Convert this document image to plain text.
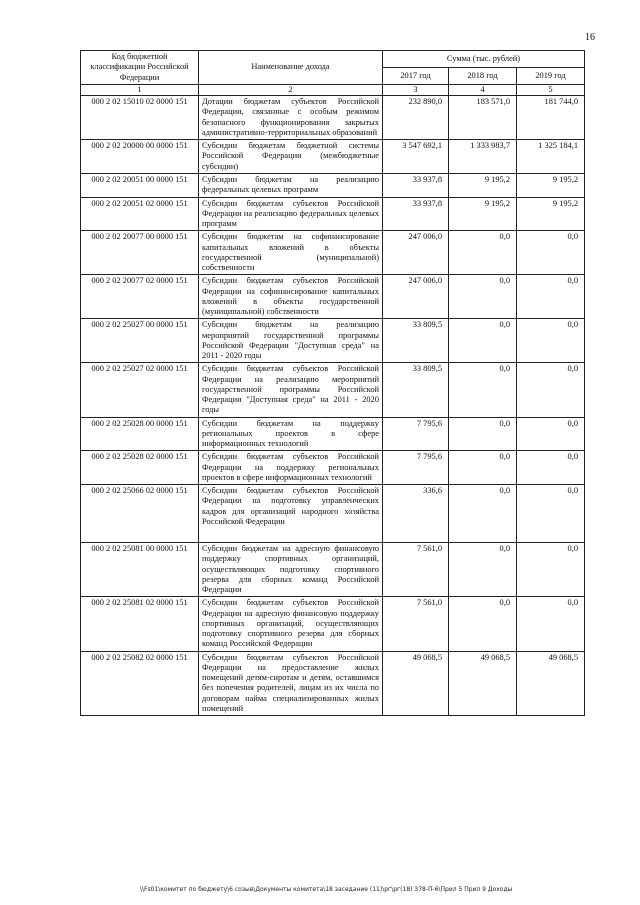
16
Код бюджетной классификации Российской Федерации	Наименование дохода	Сумма (тыс. рублей)		
		2017 год	2018 год	2019 год
1	2	3	4	5
000 2 02 15010 02 0000 151	Дотации бюджетам субъектов Российской Федерации, связанные с особым режимом безопасного функционирования закрытых административно-территориальных образований	232 890,0	183 571,0	181 744,0
000 2 02 20000 00 0000 151	Субсидии бюджетам бюджетной системы Российской Федерации (межбюджетные субсидии)	3 547 692,1	1 333 983,7	1 325 184,1
000 2 02 20051 00 0000 151	Субсидии бюджетам на реализацию федеральных целевых программ	33 937,8	9 195,2	9 195,2
000 2 02 20051 02 0000 151	Субсидии бюджетам субъектов Российской Федерации на реализацию федеральных целевых программ	33 937,8	9 195,2	9 195,2
000 2 02 20077 00 0000 151	Субсидии бюджетам на софинансирование капитальных вложений в объекты государственной (муниципальной) собственности	247 006,0	0,0	0,0
000 2 02 20077 02 0000 151	Субсидии бюджетам субъектов Российской Федерации на софинансирование капитальных вложений в объекты государственной (муниципальной) собственности	247 006,0	0,0	0,0
000 2 02 25027 00 0000 151	Субсидии бюджетам на реализацию мероприятий государственной программы Российской Федерации "Доступная среда" на 2011 - 2020 годы	33 809,5	0,0	0,0
000 2 02 25027 02 0000 151	Субсидии бюджетам субъектов Российской Федерации на реализацию мероприятий государственной программы Российской Федерации "Доступная среда" на 2011 - 2020 годы	33 809,5	0,0	0,0
000 2 02 25028 00 0000 151	Субсидии бюджетам на поддержку региональных проектов в сфере информационных технологий	7 795,6	0,0	0,0
000 2 02 25028 02 0000 151	Субсидии бюджетам субъектов Российской Федерации на поддержку региональных проектов в сфере информационных технологий	7 795,6	0,0	0,0
000 2 02 25066 02 0000 151	Субсидии бюджетам субъектов Российской Федерации на подготовку управленческих кадров для организаций народного хозяйства Российской Федерации	336,6	0,0	0,0
000 2 02 25081 00 0000 151	Субсидии бюджетам на адресную финансовую поддержку спортивных организаций, осуществляющих подготовку спортивного резерва для сборных команд Российской Федерации	7 561,0	0,0	0,0
000 2 02 25081 02 0000 151	Субсидии бюджетам субъектов Российской Федерации на адресную финансовую поддержку спортивных организаций, осуществляющих подготовку спортивного резерва для сборных команд Российской Федерации	7 561,0	0,0	0,0
000 2 02 25082 02 0000 151	Субсидии бюджетам субъектов Российской Федерации на предоставление жилых помещений детям-сиротам и детям, оставшимся без попечения родителей, лицам из их числа по договорам найма специализированных жилых помещений	49 068,5	49 068,5	49 068,5
\\Fs01\комитет по бюджету\6 созыв\Документы комитета\18 заседание (11)\рг\рг(18) 378-П-6\Прил 5 Прил 9 Доходы
